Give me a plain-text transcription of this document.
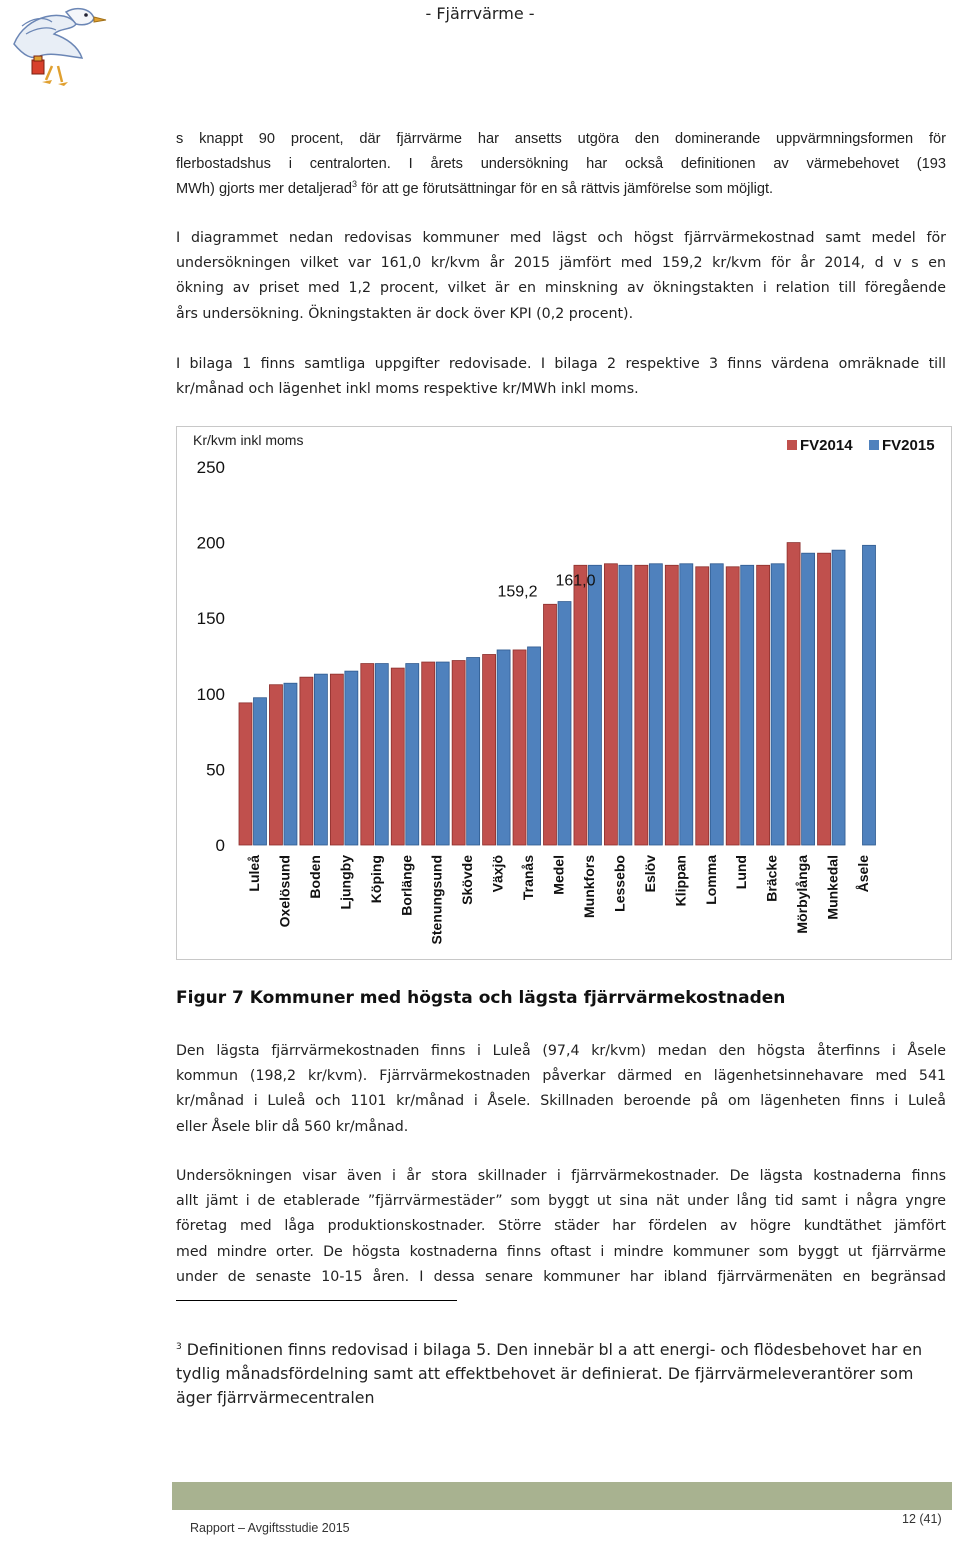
- Fjärrvärme -
s knappt 90 procent, där fjärrvärme har ansetts utgöra den dominerande uppvärmningsformen för
flerbostadshus i centralorten. I årets undersökning har också definitionen av värmebehovet (193
MWh) gjorts mer detaljerad$^3$ för att ge förutsättningar för en så rättvis jämförelse som möjligt.
I diagrammet nedan redovisas kommuner med lägst och högst fjärrvärmekostnad samt medel för
undersökningen vilket var 161,0 kr/kvm år 2015 jämfört med 159,2 kr/kvm för år 2014, d v s en
ökning av priset med 1,2 procent, vilket är en minskning av ökningstakten i relation till föregående
års undersökning. Ökningstakten är dock över KPI (0,2 procent).
I bilaga 1 finns samtliga uppgifter redovisade. I bilaga 2 respektive 3 finns värdena omräknade till
kr/månad och lägenhet inkl moms respektive kr/MWh inkl moms.
Kr/kvm inkl moms
0
50
100
150
200
250
Luleå Oxelösund Boden Ljungby Köping Borlänge Stenungsund Skövde Växjö Tranås Medel Munkfors Lessebo Eslöv Klippan Lomma Lund Bräcke Mörbylånga Munkedal Åsele
159,2
161,0
FV2014 FV2015
Figur 7 Kommuner med högsta och lägsta fjärrvärmekostnaden
Den lägsta fjärrvärmekostnaden finns i Luleå (97,4 kr/kvm) medan den högsta återfinns i Åsele
kommun (198,2 kr/kvm). Fjärrvärmekostnaden påverkar därmed en lägenhetsinnehavare med 541
kr/månad i Luleå och 1101 kr/månad i Åsele. Skillnaden beroende på om lägenheten finns i Luleå
eller Åsele blir då 560 kr/månad.
Undersökningen visar även i år stora skillnader i fjärrvärmekostnader. De lägsta kostnaderna finns
allt jämt i de etablerade ”fjärrvärmestäder” som byggt ut sina nät under lång tid samt i några yngre
företag med låga produktionskostnader. Större städer har fördelen av högre kundtäthet jämfört
med mindre orter. De högsta kostnaderna finns oftast i mindre kommuner som byggt ut fjärrvärme
under de senaste 10-15 åren. I dessa senare kommuner har ibland fjärrvärmenäten en begränsad
$^3$ Definitionen finns redovisad i bilaga 5. Den innebär bl a att energi- och flödesbehovet har en
tydlig månadsfördelning samt att effektbehovet är definierat. De fjärrvärmeleverantörer som
äger fjärrvärmecentralen
Rapport – Avgiftsstudie 2015
12 (41)
